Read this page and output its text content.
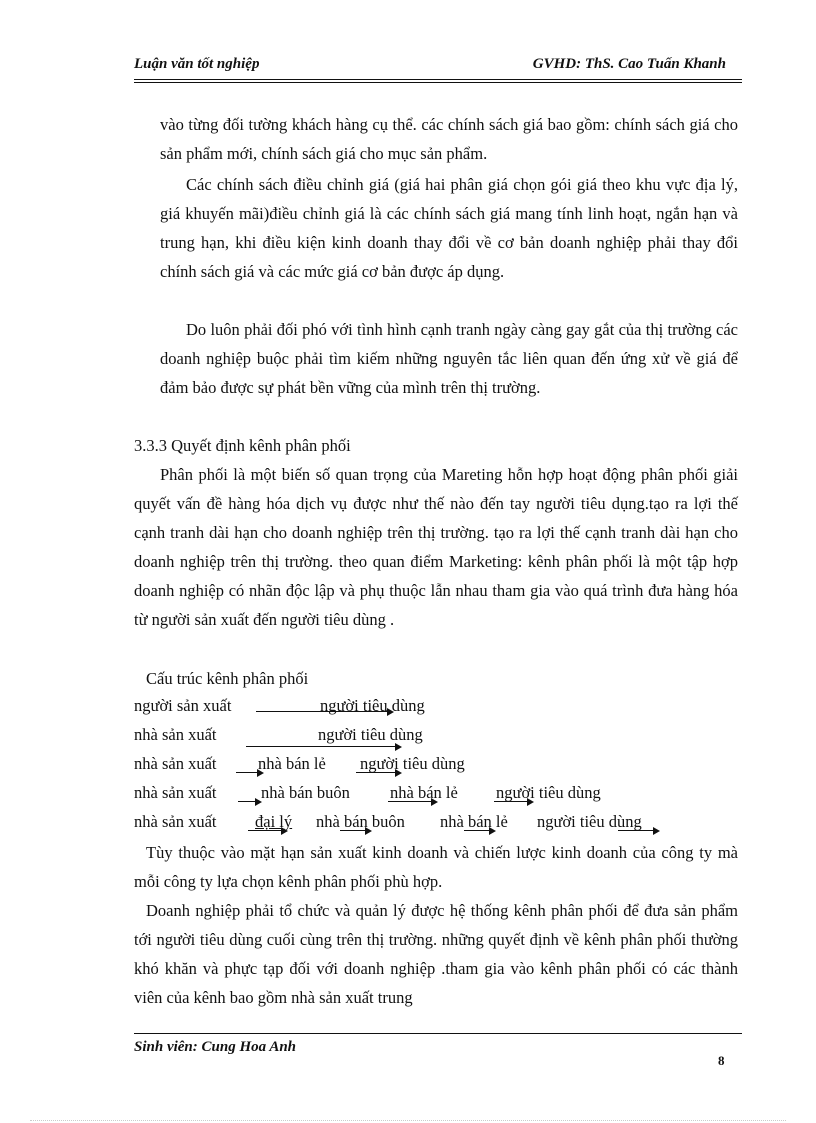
Luận văn tốt nghiệp	GVHD: ThS. Cao Tuấn Khanh
vào từng đối tường khách hàng cụ thể. các chính sách giá bao gồm: chính sách giá cho sản phẩm mới, chính sách giá cho mục sản phẩm.
Các chính sách điều chỉnh giá (giá hai phân giá chọn gói giá theo khu vực địa lý, giá khuyến mãi)điều chỉnh giá là các chính sách giá mang tính linh hoạt, ngắn hạn và trung hạn, khi điều kiện kinh doanh thay đổi về cơ bản doanh nghiệp phải thay đổi chính sách giá và các mức giá cơ bản được áp dụng.
Do luôn phải đối phó với tình hình cạnh tranh ngày càng gay gắt của thị trường các doanh nghiệp buộc phải tìm kiếm những nguyên tắc liên quan đến ứng xử về giá để đảm bảo được sự phát bền vững của mình trên thị trường.
3.3.3 Quyết định kênh phân phối
Phân phối là một biến số quan trọng của Mareting hỗn hợp hoạt động phân phối giải quyết vấn đề hàng hóa dịch vụ được như thế nào đến tay người tiêu dụng.tạo ra lợi thế cạnh tranh dài hạn cho doanh nghiệp trên thị trường. tạo ra lợi thế cạnh tranh dài hạn cho doanh nghiệp trên thị trường. theo quan điểm Marketing: kênh phân phối là một tập hợp doanh nghiệp có nhãn độc lập và phụ thuộc lẫn nhau tham gia vào quá trình đưa hàng hóa từ người sản xuất đến người tiêu dùng .
Cấu trúc kênh phân phối
người sản xuất	người tiêu dùng
nhà sản xuất	người tiêu dùng
nhà sản xuất	nhà bán lẻ người tiêu dùng
nhà sản xuất	nhà bán buôn nhà bán lẻ người tiêu dùng
nhà sản xuất đại lý nhà bán buôn nhà bán lẻ người tiêu dùng
Tùy thuộc vào mặt hạn sản xuất kinh doanh và chiến lược kinh doanh của công ty mà mỗi công ty lựa chọn kênh phân phối phù hợp.
Doanh nghiệp phải tổ chức và quản lý được hệ thống kênh phân phối để đưa sản phẩm tới người tiêu dùng cuối cùng trên thị trường. những quyết định về kênh phân phối thường khó khăn và phực tạp đối với doanh nghiệp .tham gia vào kênh phân phối có các thành viên của kênh bao gồm nhà sản xuất trung
Sinh viên: Cung Hoa Anh
8
